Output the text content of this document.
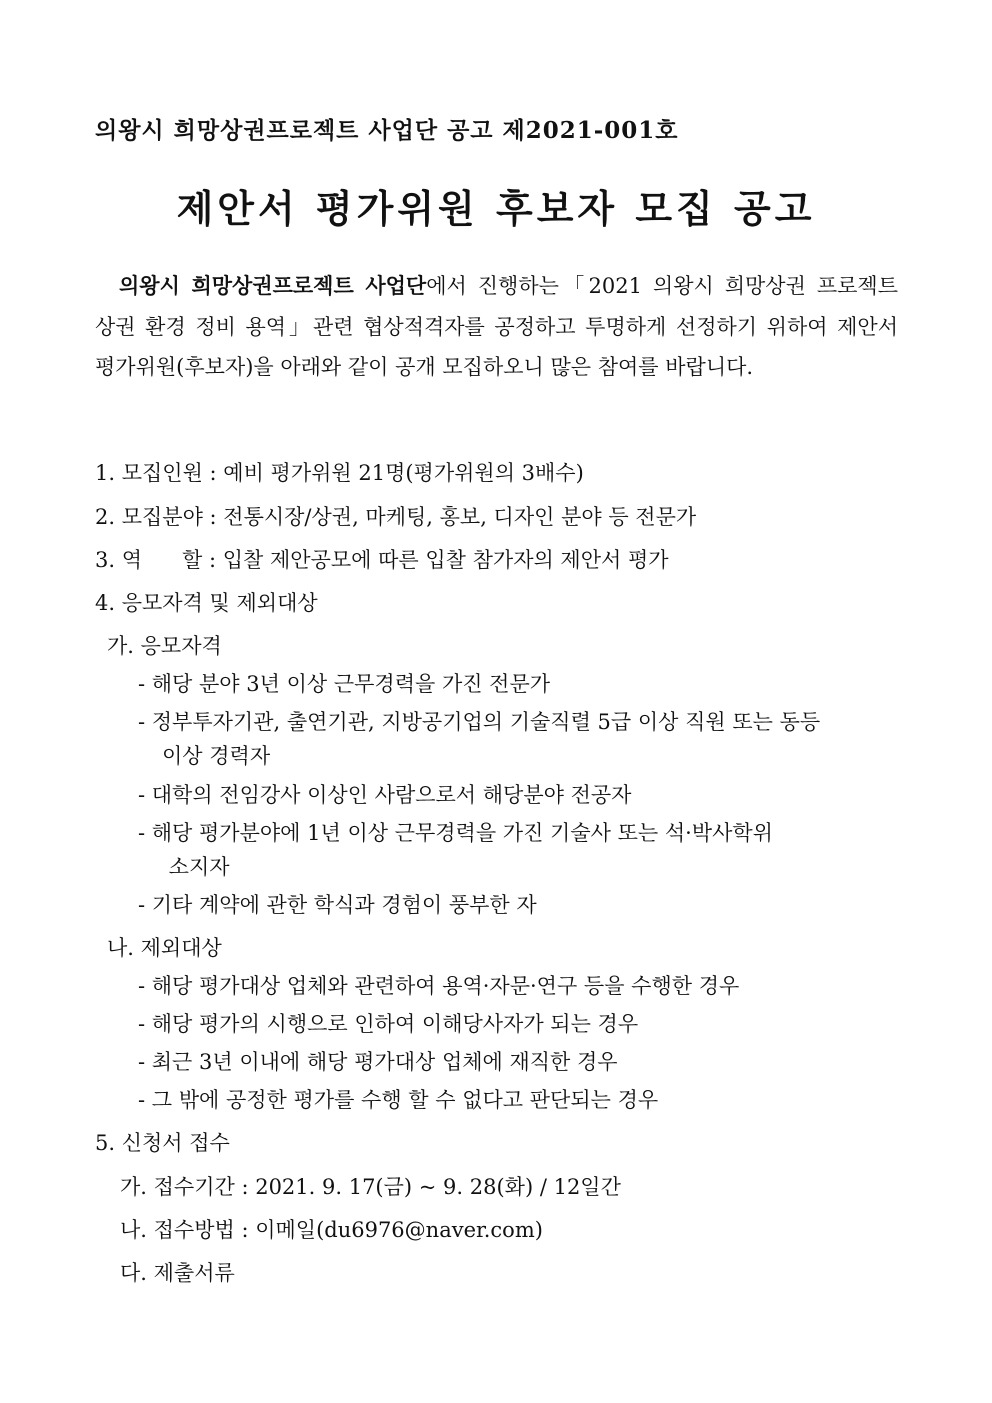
의왕시 희망상권프로젝트 사업단 공고 제2021-001호
제안서 평가위원 후보자 모집 공고
의왕시 희망상권프로젝트 사업단에서 진행하는「2021 의왕시 희망상권 프로젝트 상권 환경 정비 용역」관련 협상적격자를 공정하고 투명하게 선정하기 위하여 제안서 평가위원(후보자)을 아래와 같이 공개 모집하오니 많은 참여를 바랍니다.
1. 모집인원 : 예비 평가위원 21명(평가위원의 3배수)
2. 모집분야 : 전통시장/상권, 마케팅, 홍보, 디자인 분야 등 전문가
3. 역      할 : 입찰 제안공모에 따른 입찰 참가자의 제안서 평가
4. 응모자격 및 제외대상
가. 응모자격
- 해당 분야 3년 이상 근무경력을 가진 전문가
- 정부투자기관, 출연기관, 지방공기업의 기술직렬 5급 이상 직원 또는 동등
이상 경력자
- 대학의 전임강사 이상인 사람으로서 해당분야 전공자
- 해당 평가분야에 1년 이상 근무경력을 가진 기술사 또는 석·박사학위
소지자
- 기타 계약에 관한 학식과 경험이 풍부한 자
나. 제외대상
- 해당 평가대상 업체와 관련하여 용역·자문·연구 등을 수행한 경우
- 해당 평가의 시행으로 인하여 이해당사자가 되는 경우
- 최근 3년 이내에 해당 평가대상 업체에 재직한 경우
- 그 밖에 공정한 평가를 수행 할 수 없다고 판단되는 경우
5. 신청서 접수
가. 접수기간 : 2021. 9. 17(금) ~ 9. 28(화) / 12일간
나. 접수방법 : 이메일(du6976@naver.com)
다. 제출서류
